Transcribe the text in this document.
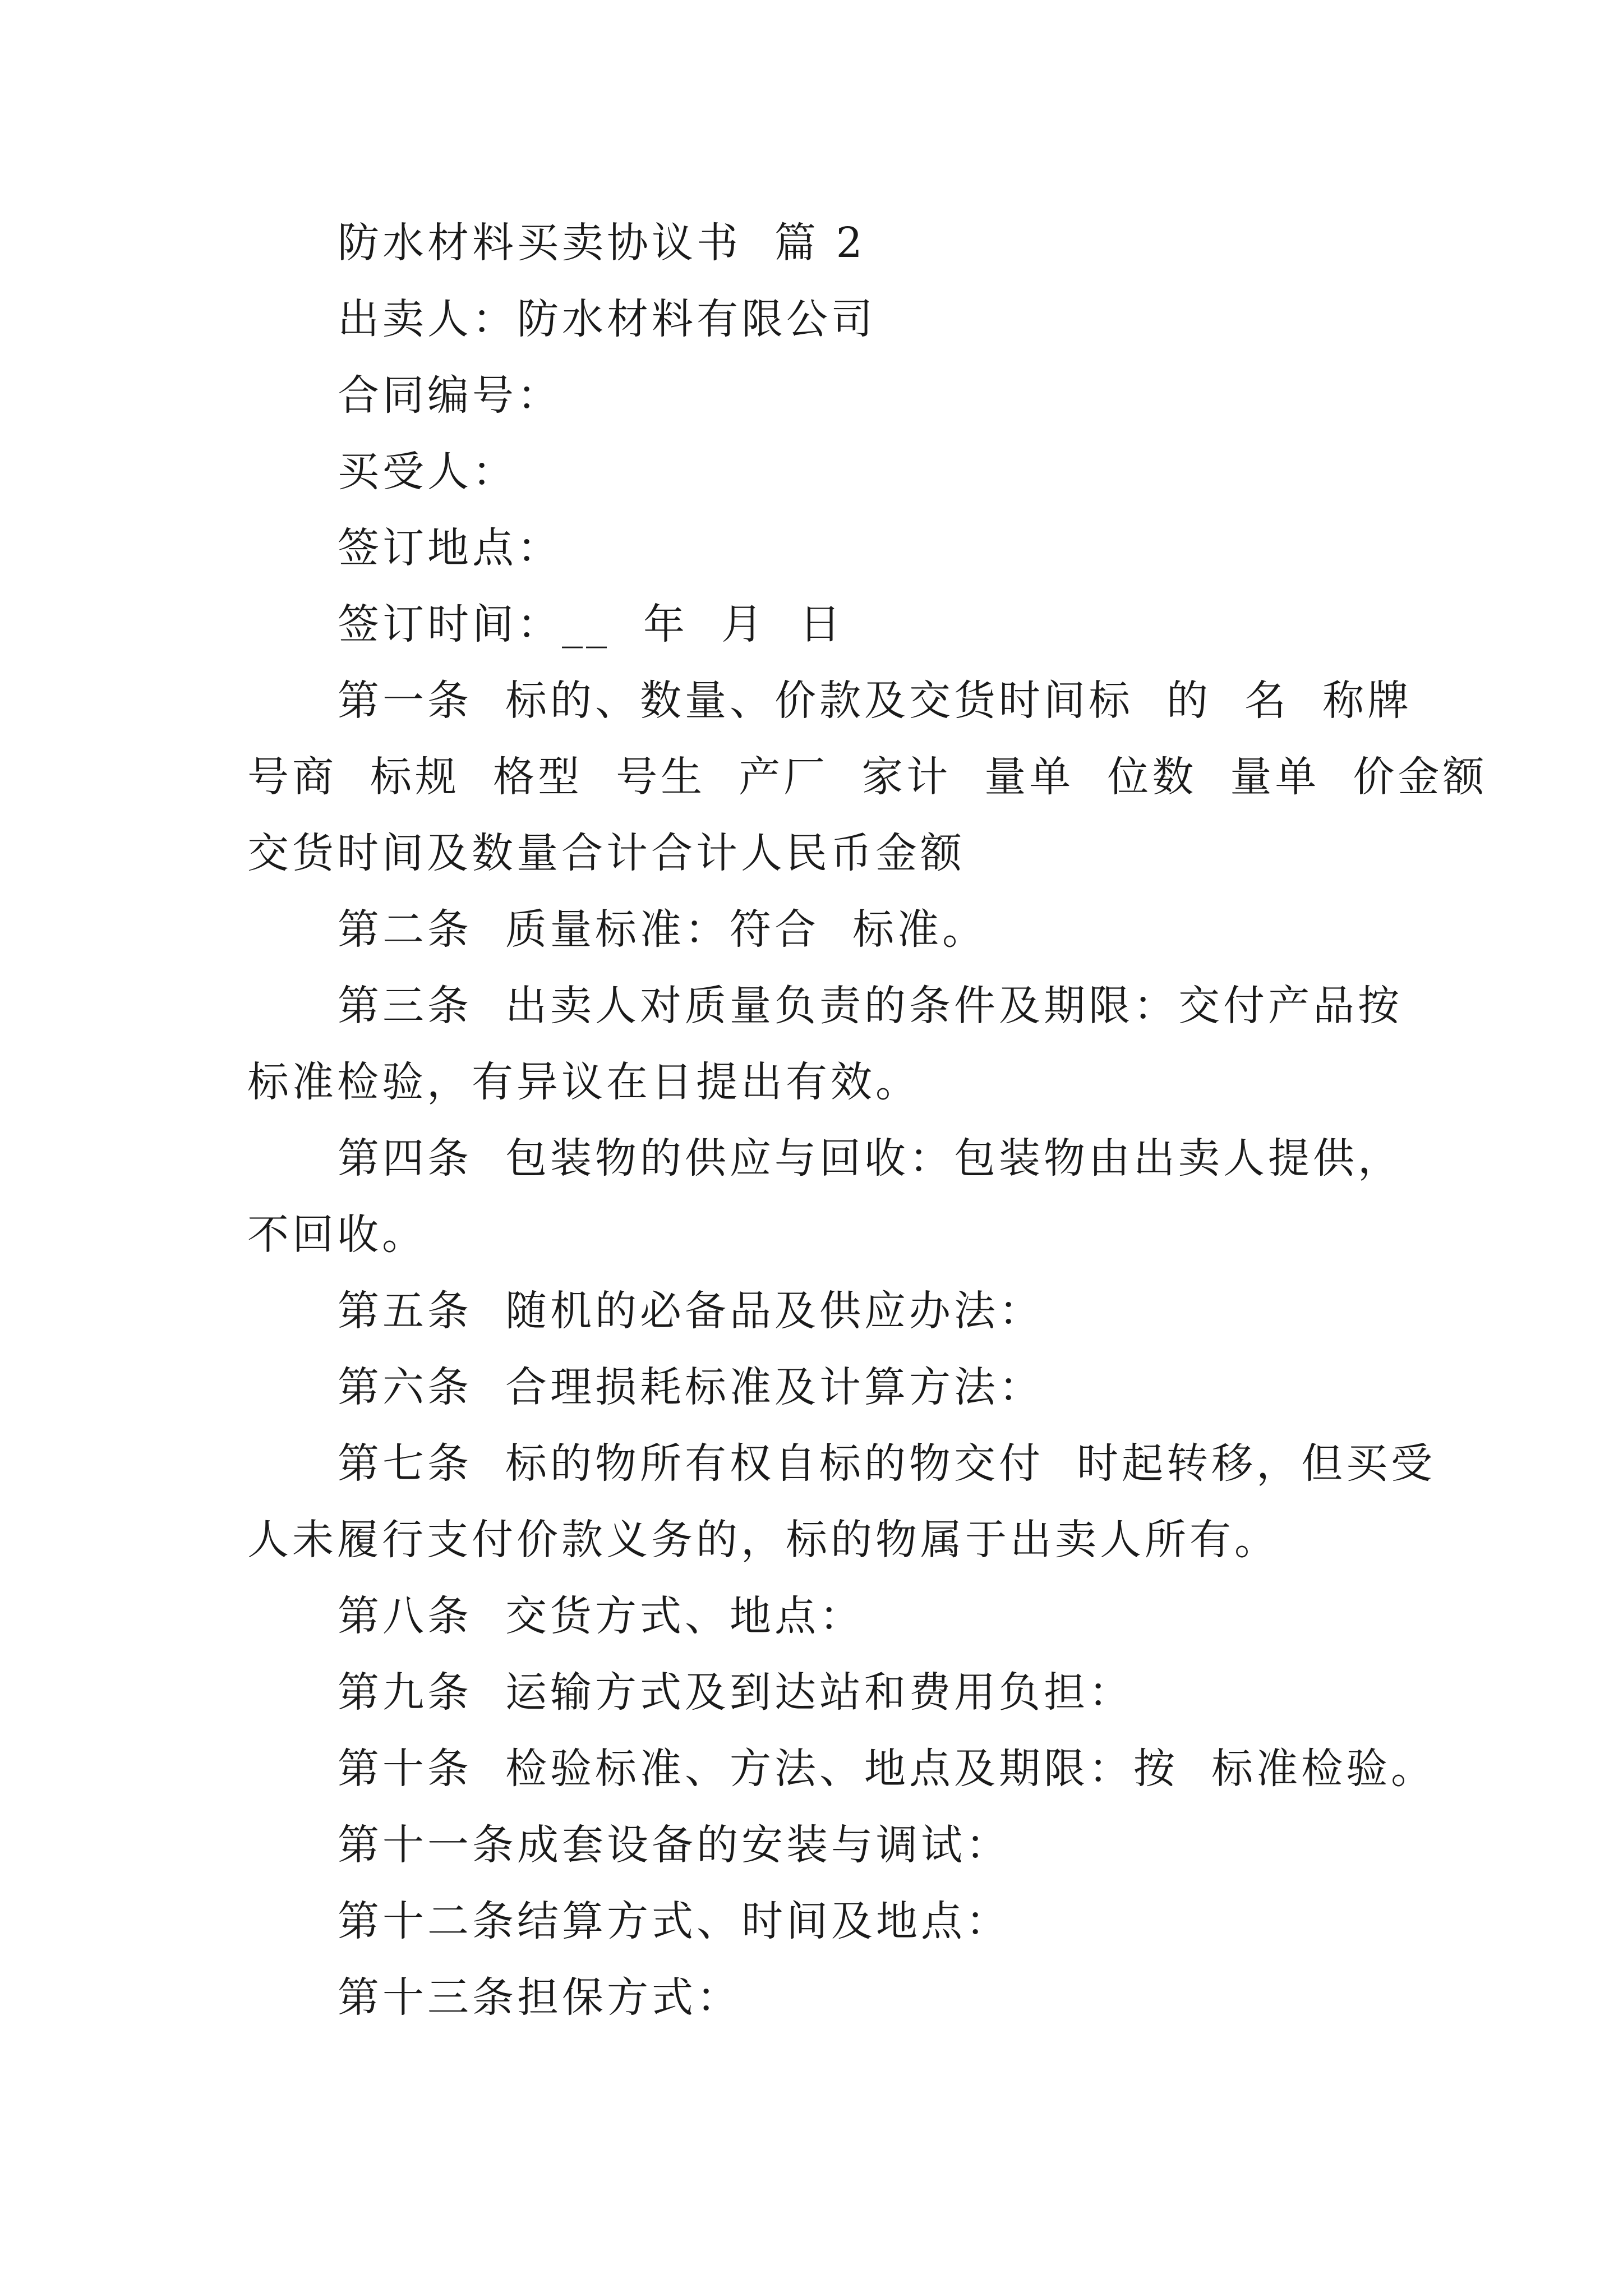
防水材料买卖协议书  篇 2
出卖人：防水材料有限公司
合同编号：
买受人：
签订地点：
签订时间：__  年  月  日
第一条  标的、数量、价款及交货时间标  的  名  称牌
号商  标规  格型  号生  产厂  家计  量单  位数  量单  价金额
交货时间及数量合计合计人民币金额
第二条  质量标准：符合  标准。
第三条  出卖人对质量负责的条件及期限：交付产品按
标准检验，有异议在日提出有效。
第四条  包装物的供应与回收：包装物由出卖人提供，
不回收。
第五条  随机的必备品及供应办法：
第六条  合理损耗标准及计算方法：
第七条  标的物所有权自标的物交付  时起转移，但买受
人未履行支付价款义务的，标的物属于出卖人所有。
第八条  交货方式、地点：
第九条  运输方式及到达站和费用负担：
第十条  检验标准、方法、地点及期限：按  标准检验。
第十一条成套设备的安装与调试：
第十二条结算方式、时间及地点：
第十三条担保方式：
